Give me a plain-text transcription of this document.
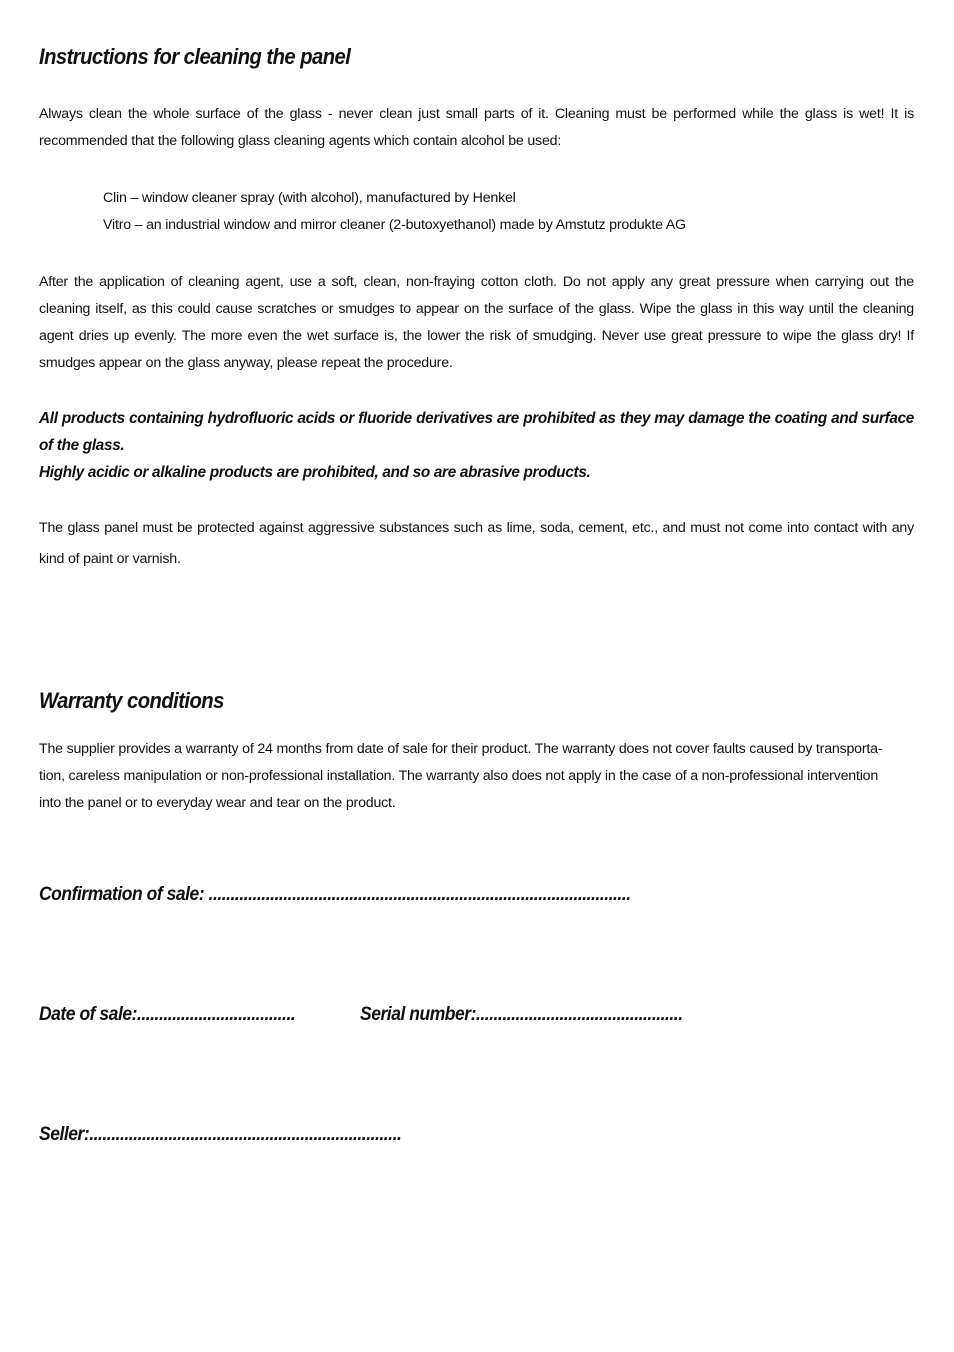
Instructions for cleaning the panel

Always clean the whole surface of the glass - never clean just small parts of it. Cleaning must be performed while the glass is wet! It is recommended that the following glass cleaning agents which contain alcohol be used:

Clin – window cleaner spray (with alcohol), manufactured by Henkel
Vitro – an industrial window and mirror cleaner (2-butoxyethanol) made by Amstutz produkte AG

After the application of cleaning agent, use a soft, clean, non-fraying cotton cloth. Do not apply any great pressure when carrying out the cleaning itself, as this could cause scratches or smudges to appear on the surface of the glass. Wipe the glass in this way until the cleaning agent dries up evenly. The more even the wet surface is, the lower the risk of smudging. Never use great pressure to wipe the glass dry! If smudges appear on the glass anyway, please repeat the procedure.

All products containing hydrofluoric acids or fluoride derivatives are prohibited as they may damage the coating and surface of the glass.
Highly acidic or alkaline products are prohibited, and so are abrasive products.

The glass panel must be protected against aggressive substances such as lime, soda, cement, etc., and must not come into contact with any kind of paint or varnish.

Warranty conditions
The supplier provides a warranty of 24 months from date of sale for their product. The warranty does not cover faults caused by transporta-
tion, careless manipulation or non-professional installation. The warranty also does not apply in the case of a non-professional intervention
into the panel or to everyday wear and tear on the product.
Confirmation of sale: ................................................................................................
Date of sale:....................................	Serial number:...............................................
Seller:.......................................................................
